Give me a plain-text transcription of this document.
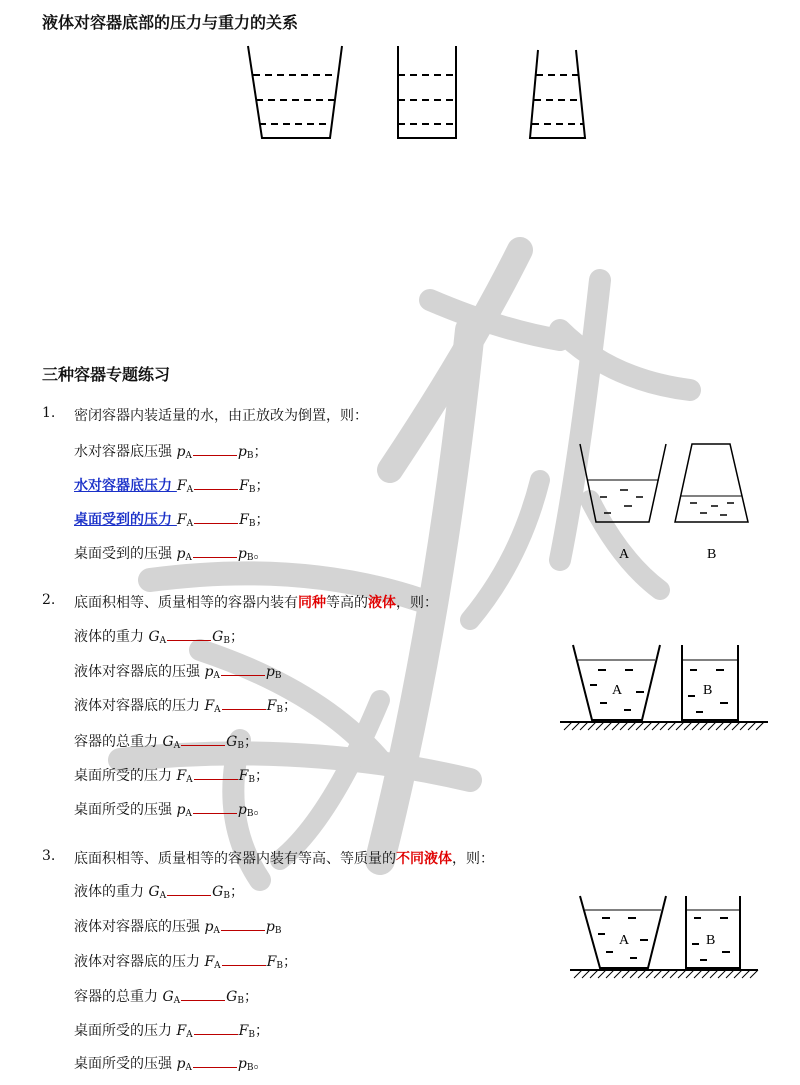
液体对容器底部的压力与重力的关系
三种容器专题练习
1. 密闭容器内装适量的水，由正放改为倒置，则：
水对容器底压强 $p_A$	$p_B$；
水对容器底压力 $F_A$	$F_B$；
桌面受到的压力 $F_A$	$F_B$；
桌面受到的压强 $p_A$	$p_B$。	A	B
2. 底面积相等、质量相等的容器内装有同种等高的液体，则：
液体的重力 $G_A$	$G_B$；
液体对容器底的压强 $p_A$	$p_B$
液体对容器底的压力 $F_A$	$F_B$；
容器的总重力 $G_A$	$G_B$；
桌面所受的压力 $F_A$	$F_B$；
桌面所受的压强 $p_A$	$p_B$。
A	B
3. 底面积相等、质量相等的容器内装有等高、等质量的不同液体，则：
液体的重力 $G_A$	$G_B$；
液体对容器底的压强 $p_A$	$p_B$
液体对容器底的压力 $F_A$	$F_B$；
容器的总重力 $G_A$	$G_B$；
桌面所受的压力 $F_A$	$F_B$；
桌面所受的压强 $p_A$	$p_B$。
A	B
